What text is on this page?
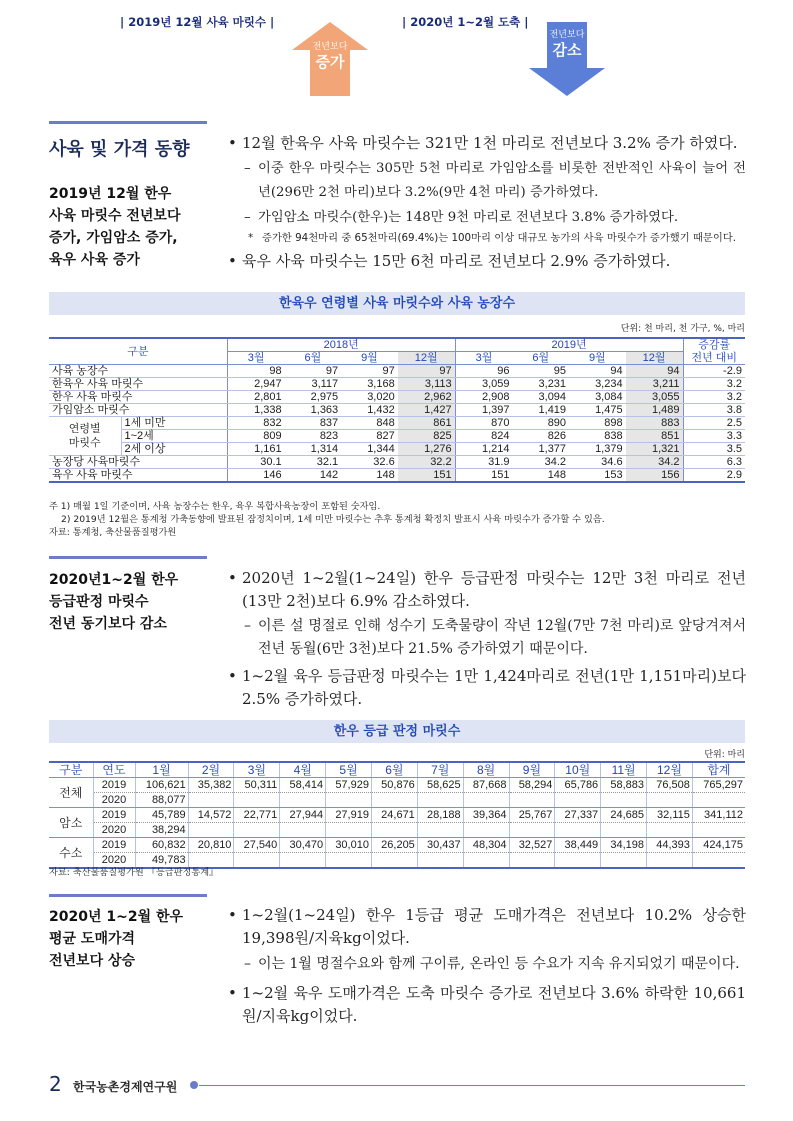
| 2019년 12월 사육 마릿수 |	| 2020년 1~2월 도축 |
전년보다
증가
전년보다
감소
사육 및 가격 동향
2019년 12월 한우
사육 마릿수 전년보다
증가, 가임암소 증가,
육우 사육 증가
• 12월 한육우 사육 마릿수는 321만 1천 마리로 전년보다 3.2% 증가 하였다.
– 이중 한우 마릿수는 305만 5천 마리로 가임암소를 비롯한 전반적인 사육이 늘어 전년(296만 2천 마리)보다 3.2%(9만 4천 마리) 증가하였다.
– 가임암소 마릿수(한우)는 148만 9천 마리로 전년보다 3.8% 증가하였다.
* 증가한 94천마리 중 65천마리(69.4%)는 100마리 이상 대규모 농가의 사육 마릿수가 증가했기 때문이다.
• 육우 사육 마릿수는 15만 6천 마리로 전년보다 2.9% 증가하였다.
한육우 연령별 사육 마릿수와 사육 농장수
단위: 천 마리, 천 가구, %, 마리
구분		2018년				2019년				증감률
		3월	6월	9월	12월	3월	6월	9월	12월	전년 대비
사육 농장수		98	97	97	97	96	95	94	94	-2.9
한육우 사육 마릿수		2,947	3,117	3,168	3,113	3,059	3,231	3,234	3,211	3.2
한우 사육 마릿수		2,801	2,975	3,020	2,962	2,908	3,094	3,084	3,055	3.2
가임암소 마릿수		1,338	1,363	1,432	1,427	1,397	1,419	1,475	1,489	3.8
연령별
마릿수	1세 미만	832	837	848	861	870	890	898	883	2.5
	1~2세	809	823	827	825	824	826	838	851	3.3
	2세 이상	1,161	1,314	1,344	1,276	1,214	1,377	1,379	1,321	3.5
농장당 사육마릿수		30.1	32.1	32.6	32.2	31.9	34.2	34.6	34.2	6.3
육우 사육 마릿수		146	142	148	151	151	148	153	156	2.9
주 1) 매월 1일 기준이며, 사육 농장수는 한우, 육우 복합사육농장이 포함된 숫자임.
2) 2019년 12월은 통계청 가축동향에 발표된 잠정치이며, 1세 미만 마릿수는 추후 통계청 확정치 발표시 사육 마릿수가 증가할 수 있음.
자료: 통계청, 축산물품질평가원
2020년1~2월 한우
등급판정 마릿수
전년 동기보다 감소
• 2020년 1~2월(1~24일) 한우 등급판정 마릿수는 12만 3천 마리로 전년(13만 2천)보다 6.9% 감소하였다.
– 이른 설 명절로 인해 성수기 도축물량이 작년 12월(7만 7천 마리)로 앞당겨져서 전년 동월(6만 3천)보다 21.5% 증가하였기 때문이다.
• 1~2월 육우 등급판정 마릿수는 1만 1,424마리로 전년(1만 1,151마리)보다 2.5% 증가하였다.
한우 등급 판정 마릿수
단위: 마리
구분	연도	1월	2월	3월	4월	5월	6월	7월	8월	9월	10월	11월	12월	합계
전체	2019	106,621	35,382	50,311	58,414	57,929	50,876	58,625	87,668	58,294	65,786	58,883	76,508	765,297
	2020	88,077												
암소	2019	45,789	14,572	22,771	27,944	27,919	24,671	28,188	39,364	25,767	27,337	24,685	32,115	341,112
	2020	38,294												
수소	2019	60,832	20,810	27,540	30,470	30,010	26,205	30,437	48,304	32,527	38,449	34,198	44,393	424,175
	2020	49,783												
자료: 축산물품질평가원 『등급판정통계』
2020년 1~2월 한우
평균 도매가격
전년보다 상승
• 1~2월(1~24일) 한우 1등급 평균 도매가격은 전년보다 10.2% 상승한 19,398원/지육kg이었다.
– 이는 1월 명절수요와 함께 구이류, 온라인 등 수요가 지속 유지되었기 때문이다.
• 1~2월 육우 도매가격은 도축 마릿수 증가로 전년보다 3.6% 하락한 10,661원/지육kg이었다.
2 한국농촌경제연구원
